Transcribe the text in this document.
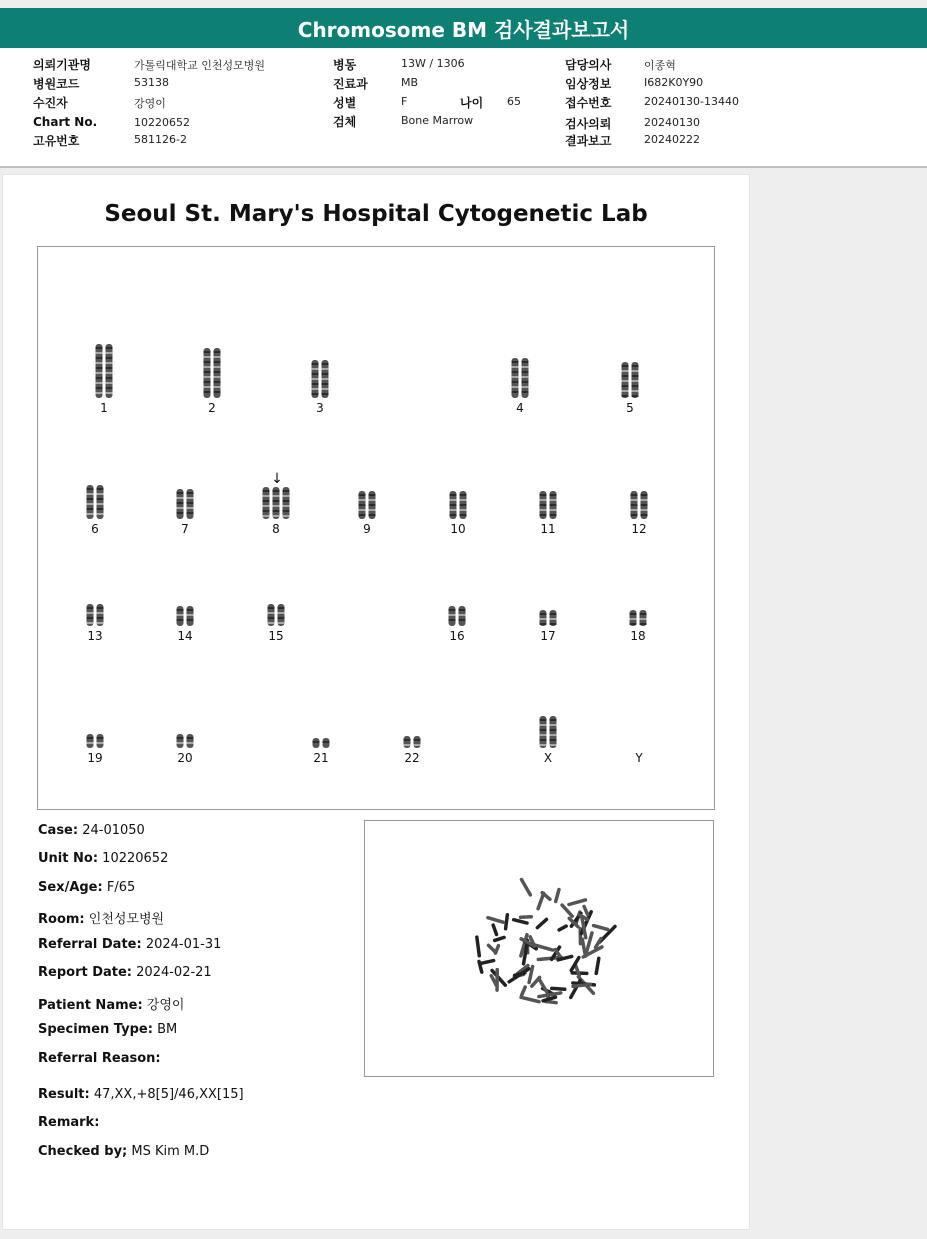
Chromosome BM 검사결과보고서
의뢰기관명	가톨릭대학교 인천성모병원
병원코드	53138
수진자	강영이
Chart No.	10220652
고유번호	581126-2
병동	13W / 1306
진료과	MB
성별	F	나이 65
검체	Bone Marrow
담당의사	이종혁
임상정보	I682K0Y90
접수번호	20240130-13440
검사의뢰	20240130
결과보고	20240222
Seoul St. Mary's Hospital Cytogenetic Lab
1	2	3	4	5
6	7	8	9	10	11	12
13	14	15	16	17	18
19	20	21	22	X	Y
↓
Case: 24-01050
Unit No: 10220652
Sex/Age: F/65
Room: 인천성모병원
Referral Date: 2024-01-31
Report Date: 2024-02-21
Patient Name: 강영이
Specimen Type: BM
Referral Reason:
Result: 47,XX,+8[5]/46,XX[15]
Remark:
Checked by; MS Kim M.D
